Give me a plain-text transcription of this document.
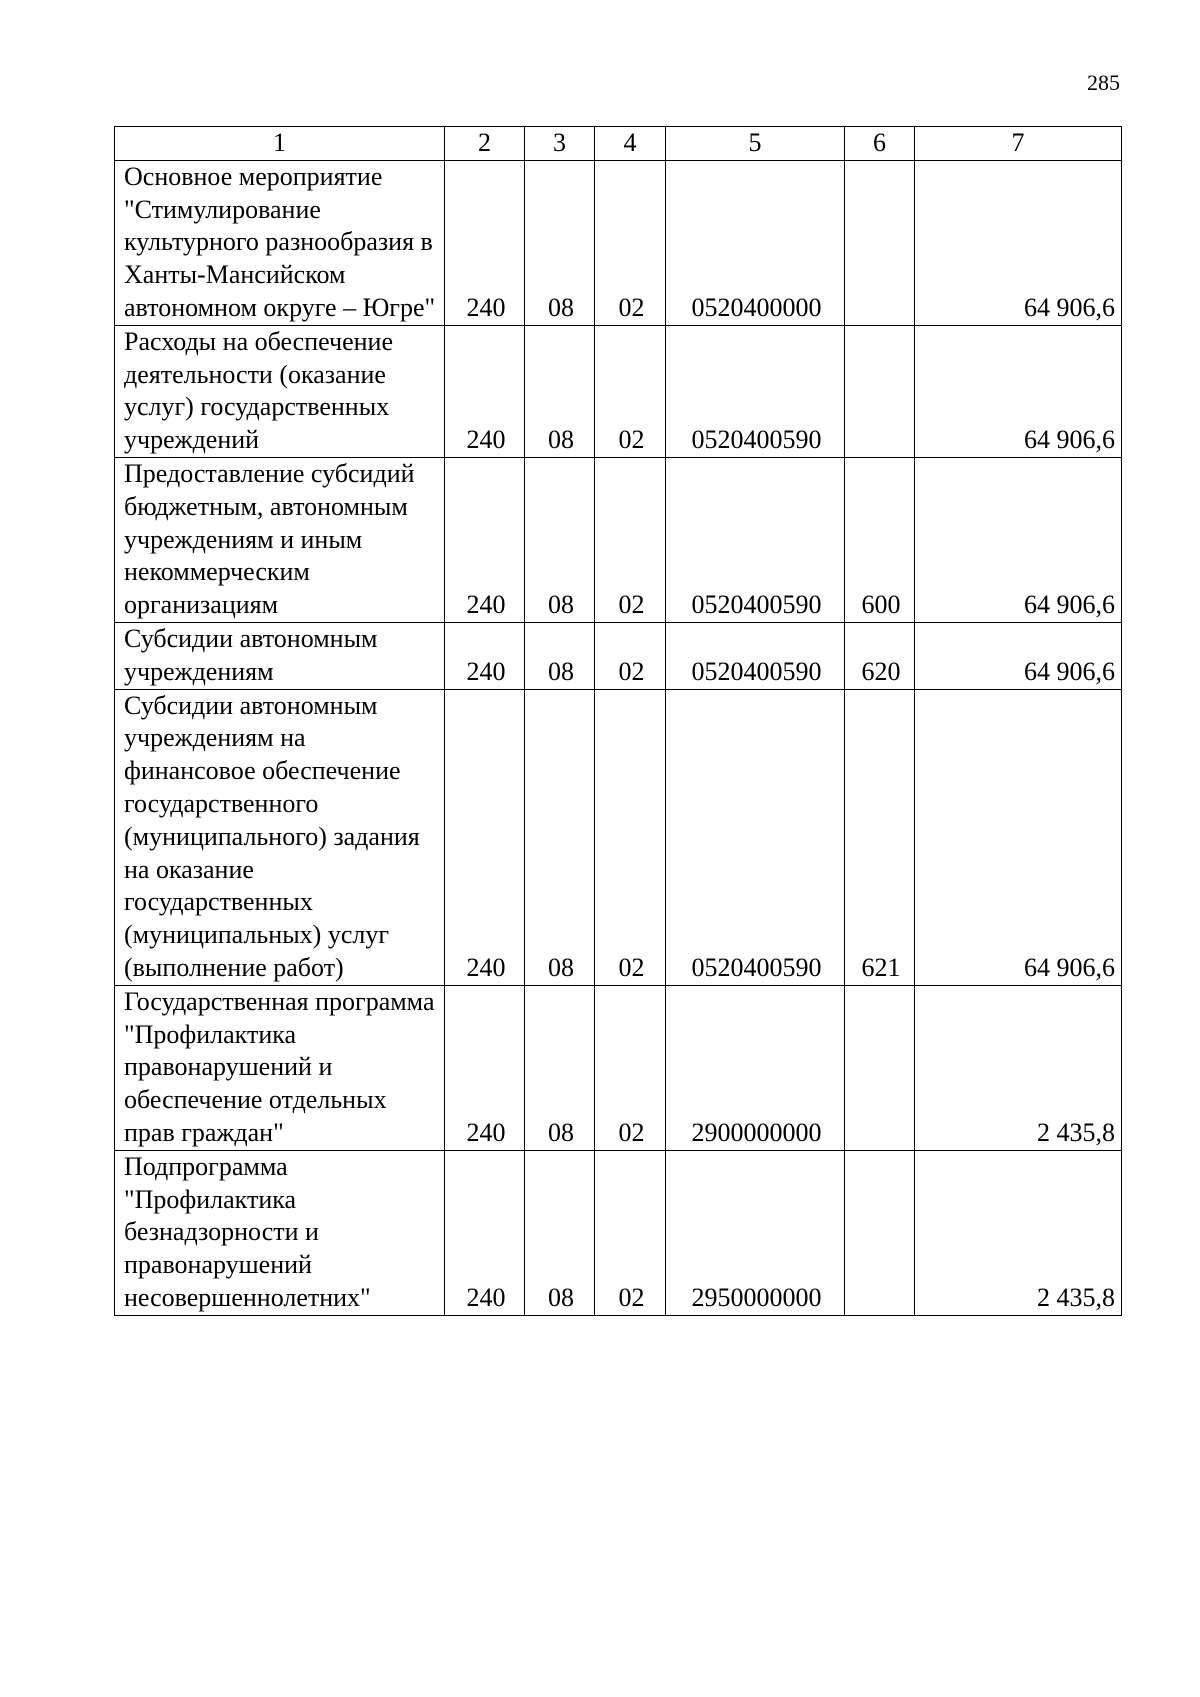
285
1	2	3	4	5	6	7
Основное мероприятие "Стимулирование культурного разнообразия в Ханты-Мансийском автономном округе – Югре"	240	08	02	0520400000		64 906,6
Расходы на обеспечение деятельности (оказание услуг) государственных учреждений	240	08	02	0520400590		64 906,6
Предоставление субсидий бюджетным, автономным учреждениям и иным некоммерческим организациям	240	08	02	0520400590	600	64 906,6
Субсидии автономным учреждениям	240	08	02	0520400590	620	64 906,6
Субсидии автономным учреждениям на финансовое обеспечение государственного (муниципального) задания на оказание государственных (муниципальных) услуг (выполнение работ)	240	08	02	0520400590	621	64 906,6
Государственная программа "Профилактика правонарушений и обеспечение отдельных прав граждан"	240	08	02	2900000000		2 435,8
Подпрограмма "Профилактика безнадзорности и правонарушений несовершеннолетних"	240	08	02	2950000000		2 435,8
